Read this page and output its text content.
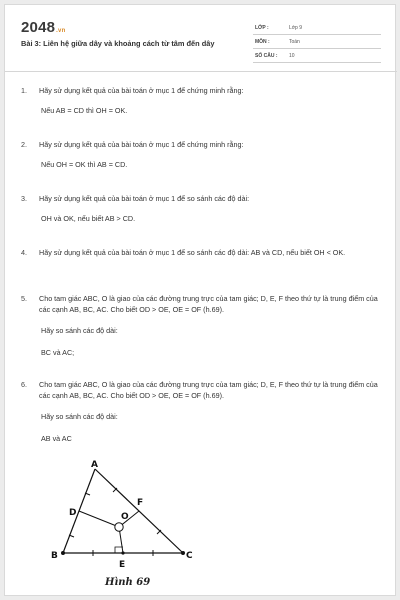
2048.vn
Bài 3: Liên hệ giữa dây và khoảng cách từ tâm đến dây
LỚP :	Lớp 9
MÔN :	Toán
SỐ CÂU : 10
1.	Hãy sử dụng kết quả của bài toán ở mục 1 để chứng minh rằng:
Nếu AB = CD thì OH = OK.
2.	Hãy sử dụng kết quả của bài toán ở mục 1 để chứng minh rằng:
Nếu OH = OK thì AB = CD.
3.	Hãy sử dụng kết quả của bài toán ở mục 1 để so sánh các độ dài:
OH và OK, nếu biết AB > CD.
4.	Hãy sử dụng kết quả của bài toán ở mục 1 để so sánh các độ dài: AB và CD, nếu biết OH < OK.
5.	Cho tam giác ABC, O là giao của các đường trung trực của tam giác; D, E, F theo thứ tự là trung điểm của các cạnh AB, BC, AC. Cho biết OD > OE, OE = OF (h.69).
Hãy so sánh các độ dài:
BC và AC;
6.	Cho tam giác ABC, O là giao của các đường trung trực của tam giác; D, E, F theo thứ tự là trung điểm của các cạnh AB, BC, AC. Cho biết OD > OE, OE = OF (h.69).
Hãy so sánh các độ dài:
AB và AC
A
B	C
D
E
F
O
Hình 69
